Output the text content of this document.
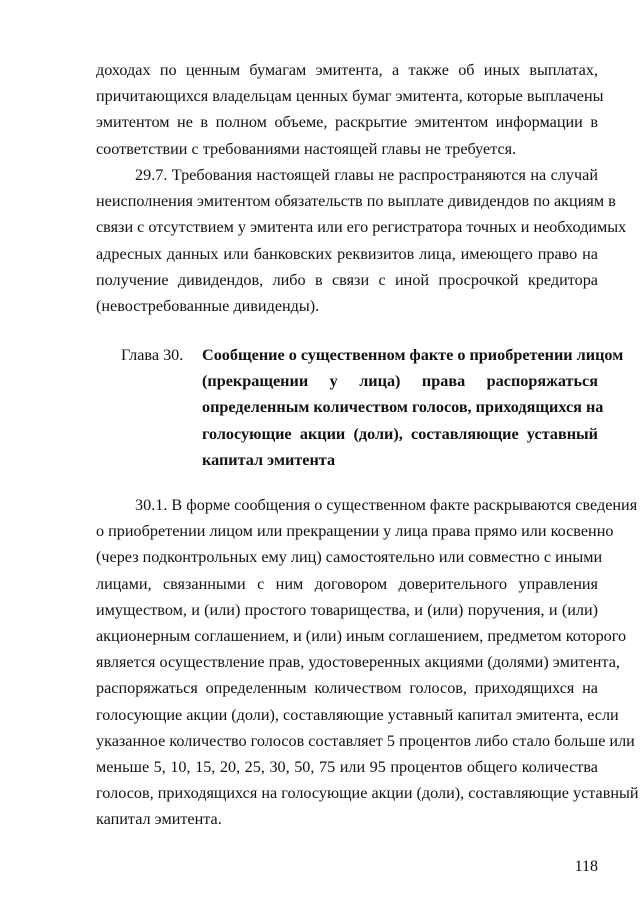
доходах по ценным бумагам эмитента, а также об иных выплатах,
причитающихся владельцам ценных бумаг эмитента, которые выплачены
эмитентом не в полном объеме, раскрытие эмитентом информации в
соответствии с требованиями настоящей главы не требуется.

29.7. Требования настоящей главы не распространяются на случай
неисполнения эмитентом обязательств по выплате дивидендов по акциям в
связи с отсутствием у эмитента или его регистратора точных и необходимых
адресных данных или банковских реквизитов лица, имеющего право на
получение дивидендов, либо в связи с иной просрочкой кредитора
(невостребованные дивиденды).

Глава 30. Сообщение о существенном факте о приобретении лицом
(прекращении у лица) права распоряжаться
определенным количеством голосов, приходящихся на
голосующие акции (доли), составляющие уставный
капитал эмитента

30.1. В форме сообщения о существенном факте раскрываются сведения
о приобретении лицом или прекращении у лица права прямо или косвенно
(через подконтрольных ему лиц) самостоятельно или совместно с иными
лицами, связанными с ним договором доверительного управления
имуществом, и (или) простого товарищества, и (или) поручения, и (или)
акционерным соглашением, и (или) иным соглашением, предметом которого
является осуществление прав, удостоверенных акциями (долями) эмитента,
распоряжаться определенным количеством голосов, приходящихся на
голосующие акции (доли), составляющие уставный капитал эмитента, если
указанное количество голосов составляет 5 процентов либо стало больше или
меньше 5, 10, 15, 20, 25, 30, 50, 75 или 95 процентов общего количества
голосов, приходящихся на голосующие акции (доли), составляющие уставный
капитал эмитента.

118
